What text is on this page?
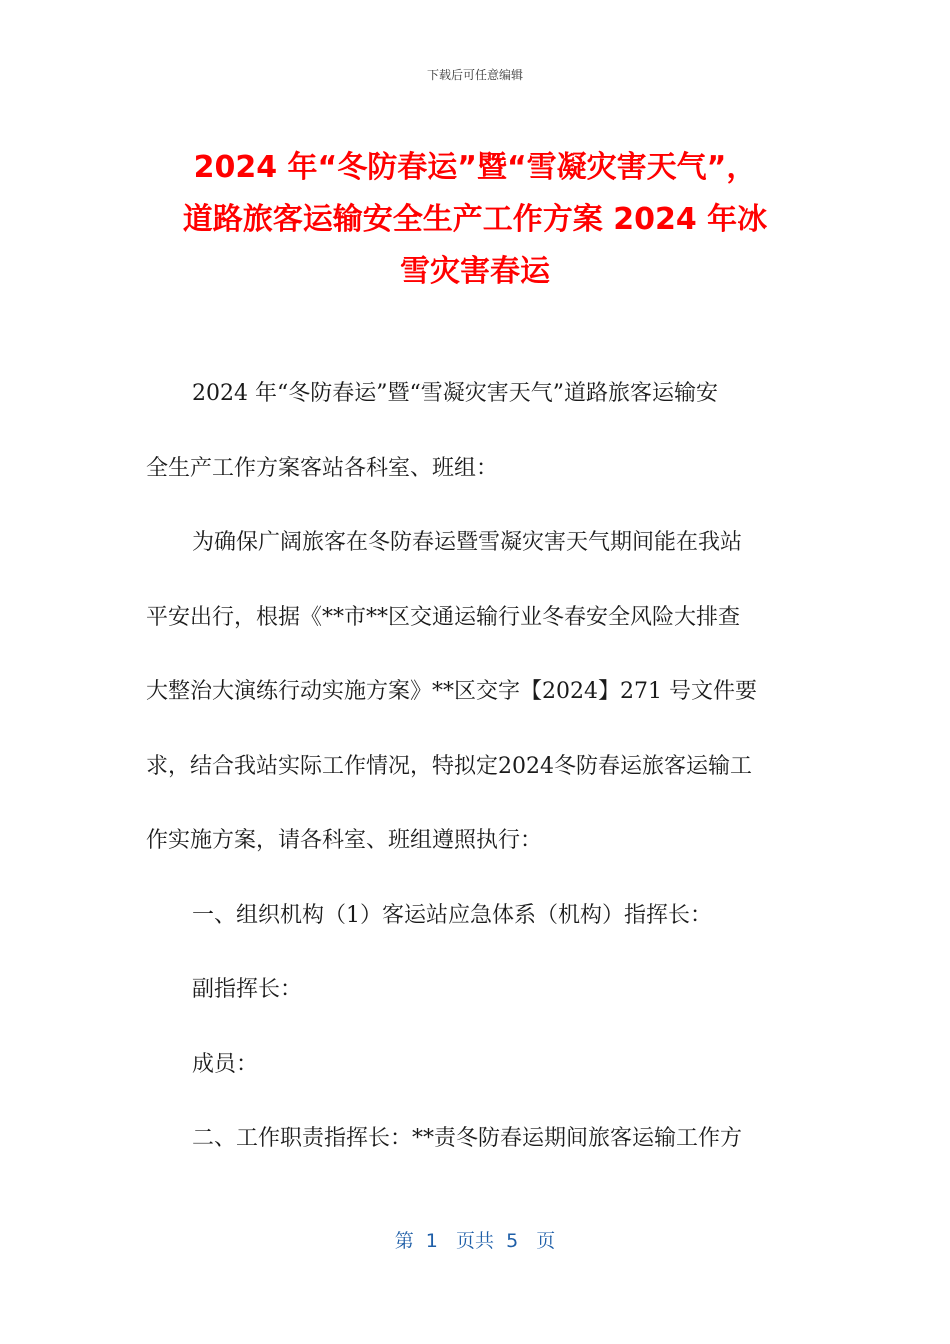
下载后可任意编辑
2024 年“冬防春运”暨“雪凝灾害天气”，
道路旅客运输安全生产工作方案 2024 年冰
雪灾害春运
2024 年“冬防春运”暨“雪凝灾害天气”道路旅客运输安
全生产工作方案客站各科室、班组：
为确保广阔旅客在冬防春运暨雪凝灾害天气期间能在我站
平安出行，根据《**市**区交通运输行业冬春安全风险大排查
大整治大演练行动实施方案》**区交字【2024】271 号文件要
求，结合我站实际工作情况，特拟定2024冬防春运旅客运输工
作实施方案，请各科室、班组遵照执行：
一、组织机构（1）客运站应急体系（机构）指挥长：
副指挥长：
成员：
二、工作职责指挥长：**责冬防春运期间旅客运输工作方
第  1   页共  5   页
